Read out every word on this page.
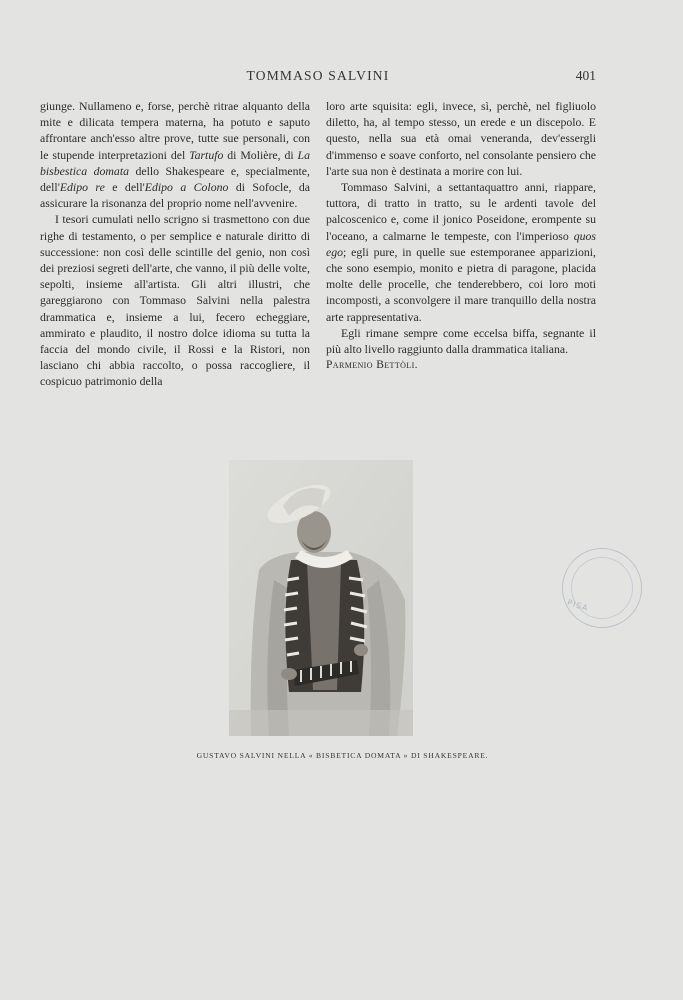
TOMMASO SALVINI	401

giunge. Nullameno e, forse, perchè ritrae alquanto della mite e dilicata tempera materna, ha potuto e saputo affrontare anch'esso altre prove, tutte sue personali, con le stupende interpretazioni del Tartufo di Molière, di La bisbestica domata dello Shakespeare e, specialmente, dell'Edipo re e dell'Edipo a Colono di Sofocle, da assicurare la risonanza del proprio nome nell'avvenire.

I tesori cumulati nello scrigno si trasmettono con due righe di testamento, o per semplice e naturale diritto di successione: non così delle scintille del genio, non così dei preziosi segreti dell'arte, che vanno, il più delle volte, sepolti, insieme all'artista. Gli altri illustri, che gareggiarono con Tommaso Salvini nella palestra drammatica e, insieme a lui, fecero echeggiare, ammirato e plaudito, il nostro dolce idioma su tutta la faccia del mondo civile, il Rossi e la Ristori, non lasciano chi abbia raccolto, o possa raccogliere, il cospicuo patrimonio della

loro arte squisita: egli, invece, sì, perchè, nel figliuolo diletto, ha, al tempo stesso, un erede e un discepolo. E questo, nella sua età omai veneranda, dev'essergli d'immenso e soave conforto, nel consolante pensiero che l'arte sua non è destinata a morire con lui.

Tommaso Salvini, a settantaquattro anni, riappare, tuttora, di tratto in tratto, su le ardenti tavole del palcoscenico e, come il jonico Poseidone, erompente su l'oceano, a calmarne le tempeste, con l'imperioso quos ego; egli pure, in quelle sue estemporanee apparizioni, che sono esempio, monito e pietra di paragone, placida molte delle procelle, che tenderebbero, coi loro moti incomposti, a sconvolgere il mare tranquillo della nostra arte rappresentativa.

Egli rimane sempre come eccelsa biffa, segnante il più alto livello raggiunto dalla drammatica italiana.

Parmenio Bettòli.

GUSTAVO SALVINI NELLA « BISBETICA DOMATA » DI SHAKESPEARE.
PISA
